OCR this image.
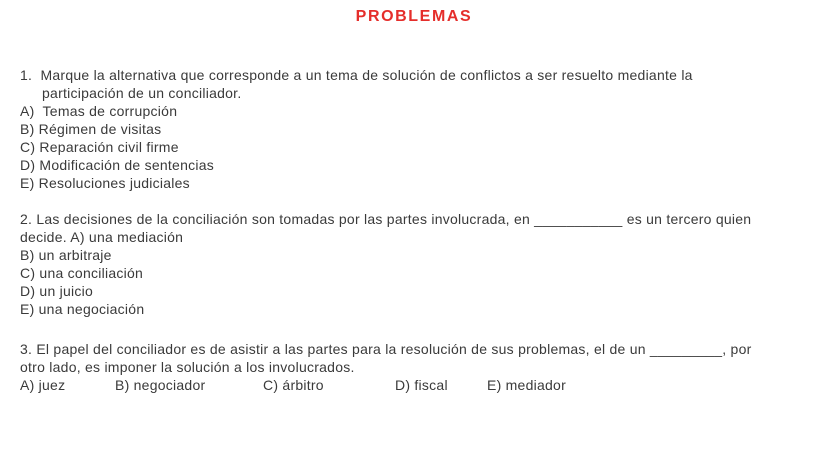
PROBLEMAS
1.  Marque la alternativa que corresponde a un tema de solución de conflictos a ser resuelto mediante la
participación de un conciliador.
A)  Temas de corrupción
B) Régimen de visitas
C) Reparación civil firme
D) Modificación de sentencias
E) Resoluciones judiciales
2. Las decisiones de la conciliación son tomadas por las partes involucrada, en ___________ es un tercero quien
decide. A) una mediación
B) un arbitraje
C) una conciliación
D) un juicio
E) una negociación
3. El papel del conciliador es de asistir a las partes para la resolución de sus problemas, el de un _________, por
otro lado, es imponer la solución a los involucrados.
A) juez	B) negociador	C) árbitro	D) fiscal	E) mediador
